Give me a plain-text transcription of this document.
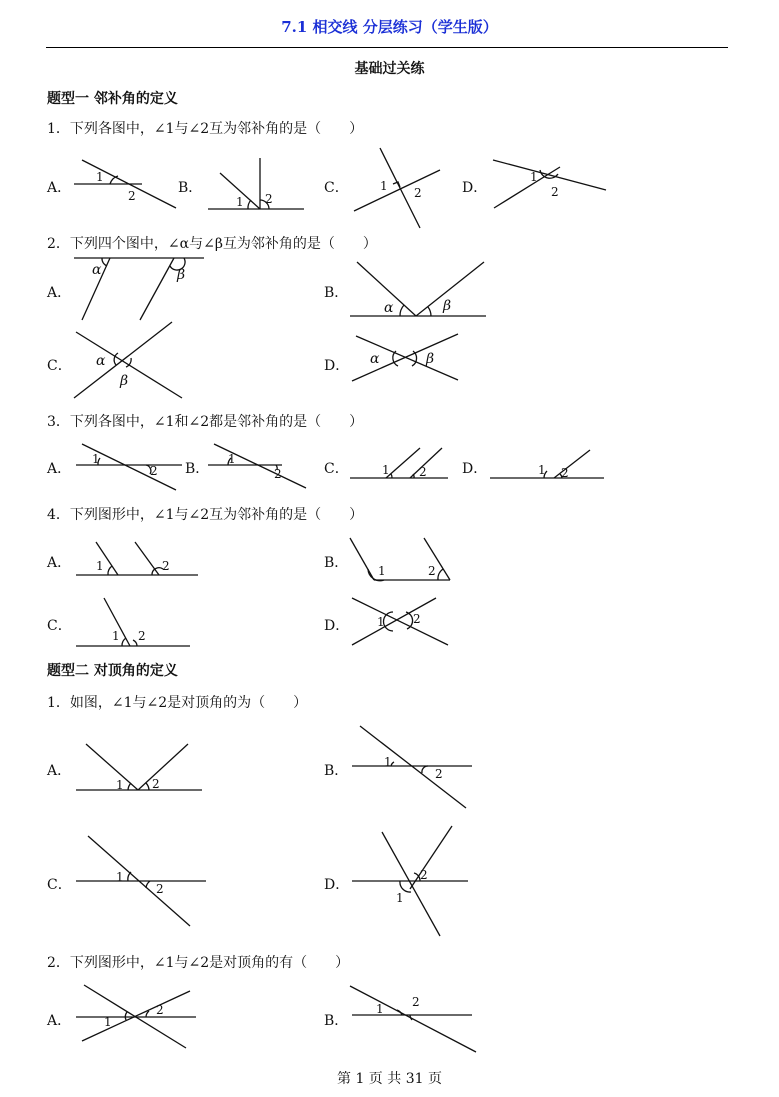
7.1 相交线 分层练习（学生版）
基础过关练
题型一 邻补角的定义
1．下列各图中，∠1与∠2互为邻补角的是（　　）
A．	B．	C．	D．
1
2	1 2
1 2
1
2
α	β
α	β
α
β
α	β
1
2
1
2	1 2	1 2
1	2	1	2
1 2
1 2
1 2
1
2
1
2
1
2
1
2	1 2
2．下列四个图中，∠α与∠β互为邻补角的是（　　）
A．	B．
C．	D．
3．下列各图中，∠1和∠2都是邻补角的是（　　）
A．	B．	C．	D．
4．下列图形中，∠1与∠2互为邻补角的是（　　）
A．	B．
C．	D．
题型二 对顶角的定义
1．如图，∠1与∠2是对顶角的为（　　）
A．	B．
C．	D．
2．下列图形中，∠1与∠2是对顶角的有（　　）
A．	B．
第 1 页 共 31 页
